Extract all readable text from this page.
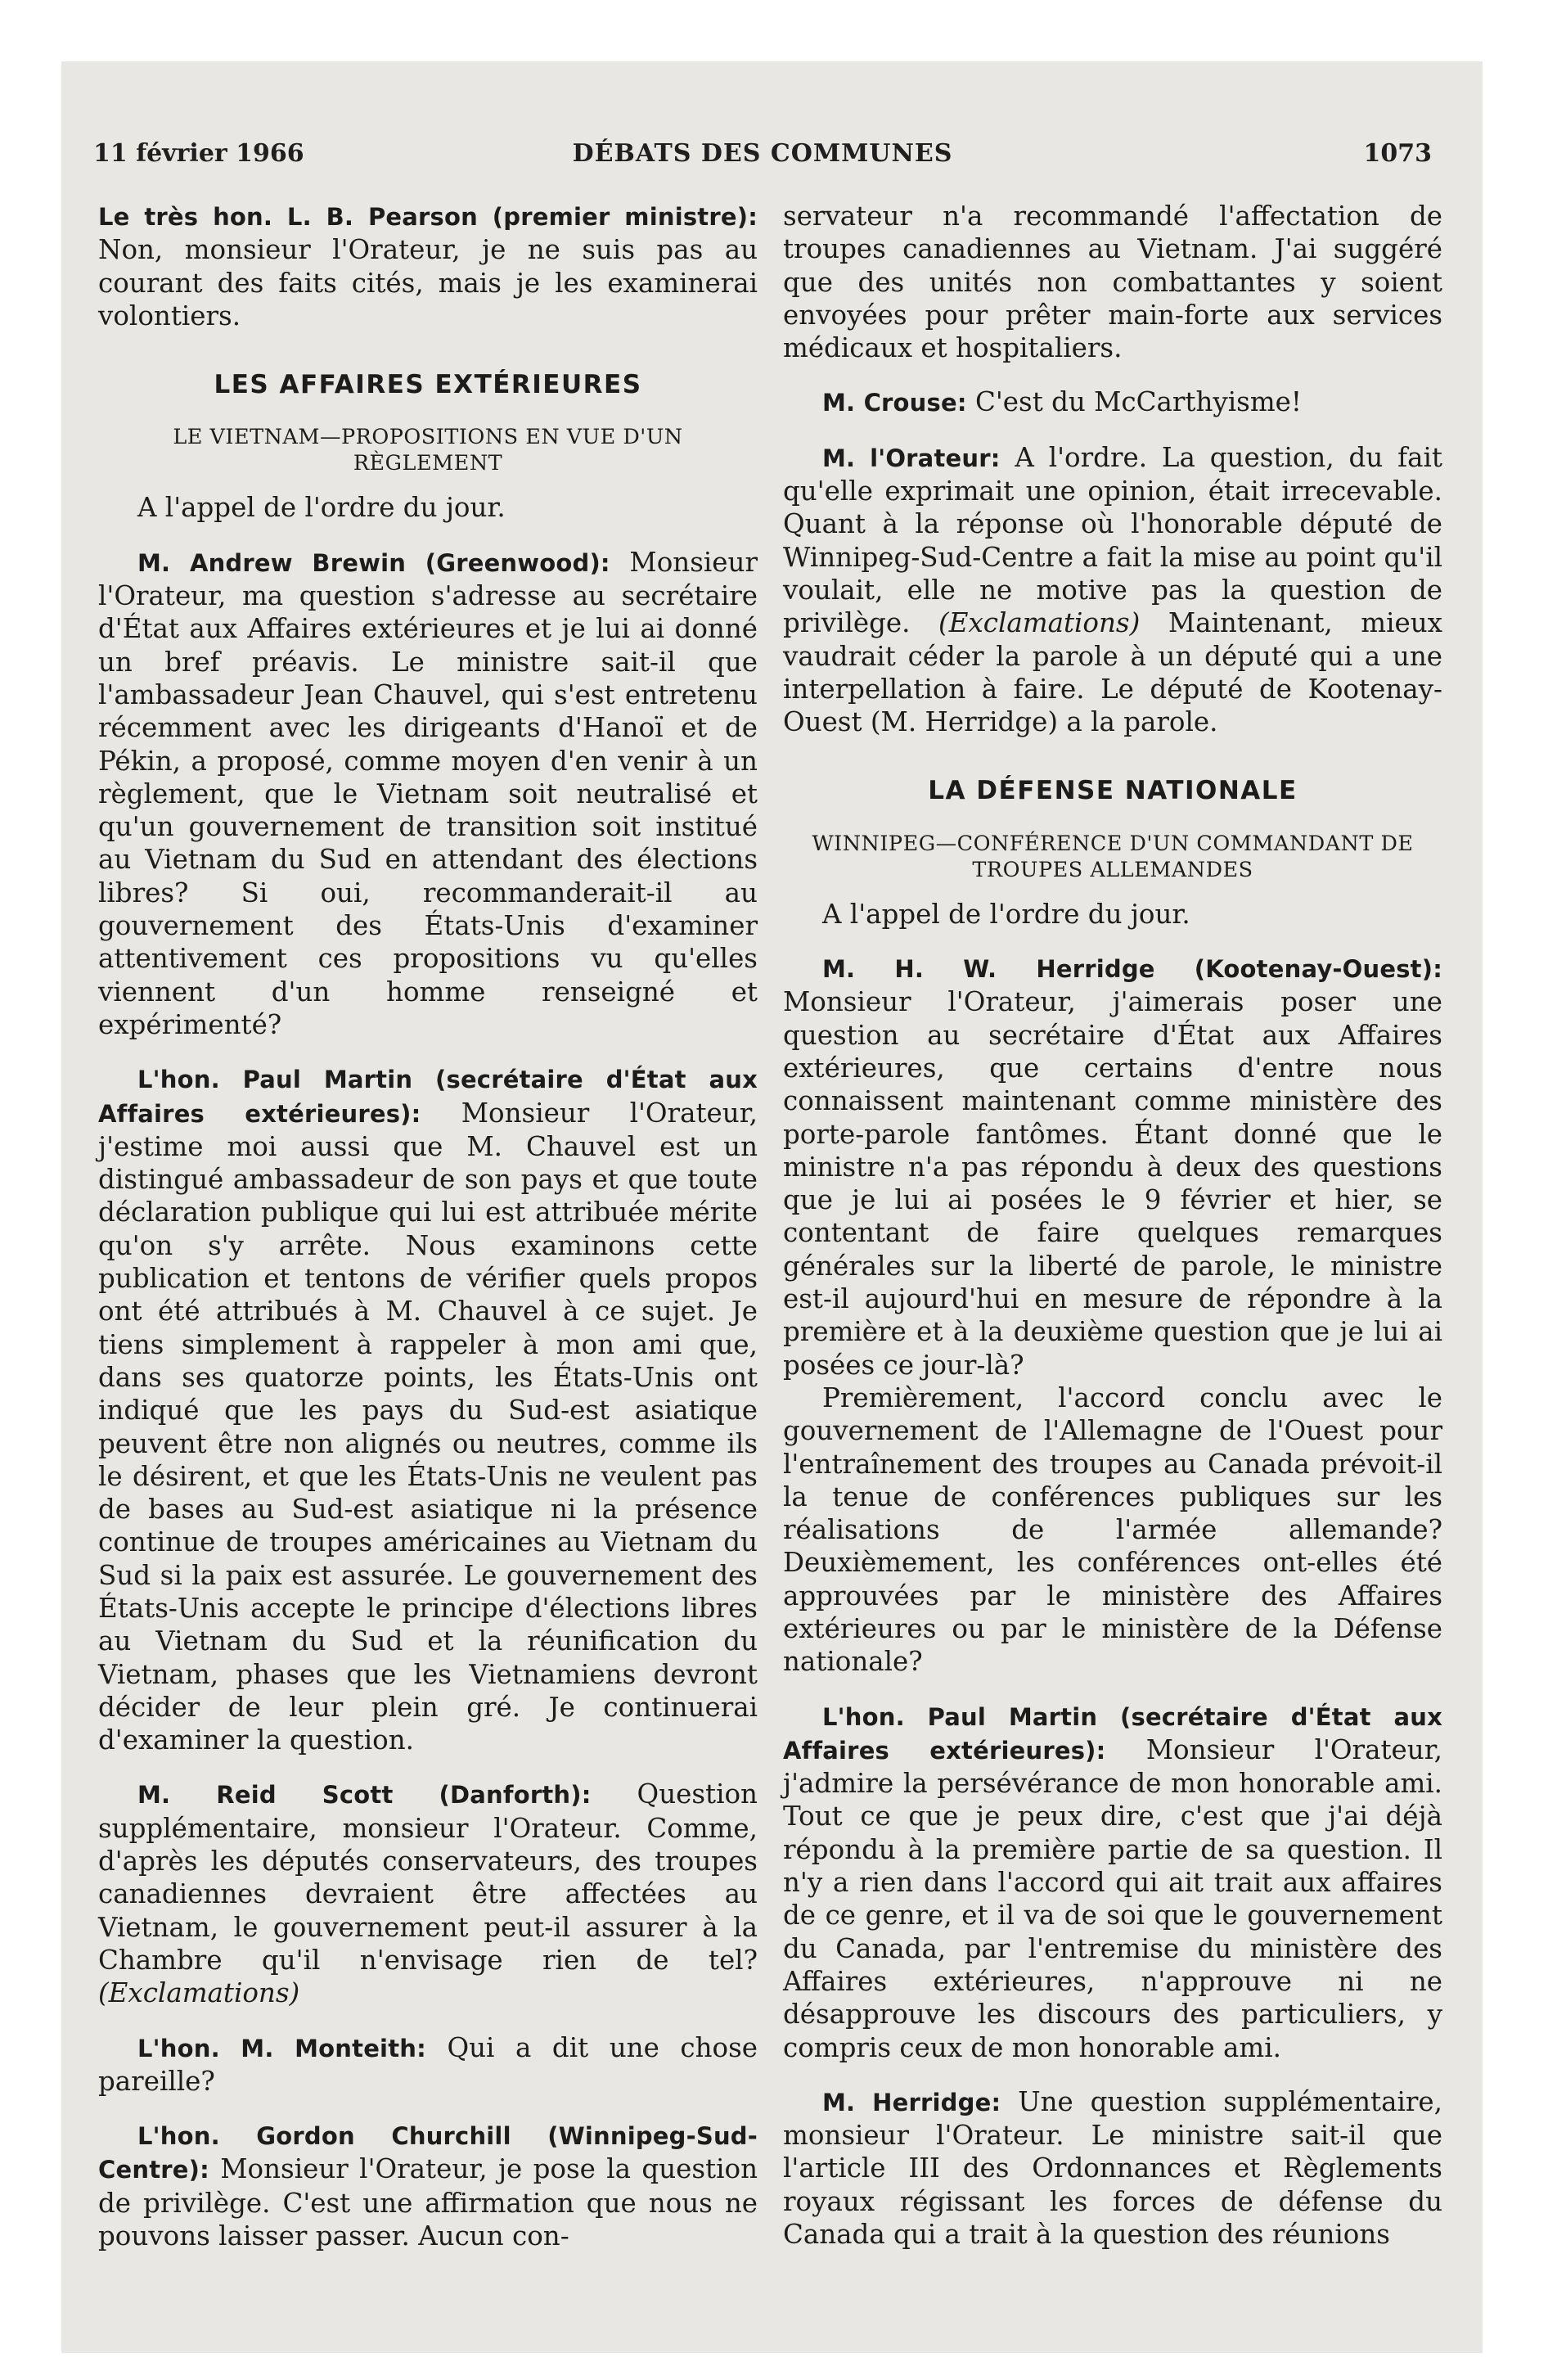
11 février 1966	DÉBATS DES COMMUNES	1073

Le très hon. L. B. Pearson (premier ministre): Non, monsieur l'Orateur, je ne suis pas au courant des faits cités, mais je les examinerai volontiers.

LES AFFAIRES EXTÉRIEURES
LE VIETNAM—PROPOSITIONS EN VUE D'UN RÈGLEMENT

A l'appel de l'ordre du jour.

M. Andrew Brewin (Greenwood): Monsieur l'Orateur, ma question s'adresse au secrétaire d'État aux Affaires extérieures et je lui ai donné un bref préavis. Le ministre sait-il que l'ambassadeur Jean Chauvel, qui s'est entretenu récemment avec les dirigeants d'Hanoï et de Pékin, a proposé, comme moyen d'en venir à un règlement, que le Vietnam soit neutralisé et qu'un gouvernement de transition soit institué au Vietnam du Sud en attendant des élections libres? Si oui, recommanderait-il au gouvernement des États-Unis d'examiner attentivement ces propositions vu qu'elles viennent d'un homme renseigné et expérimenté?

L'hon. Paul Martin (secrétaire d'État aux Affaires extérieures): Monsieur l'Orateur, j'estime moi aussi que M. Chauvel est un distingué ambassadeur de son pays et que toute déclaration publique qui lui est attribuée mérite qu'on s'y arrête. Nous examinons cette publication et tentons de vérifier quels propos ont été attribués à M. Chauvel à ce sujet. Je tiens simplement à rappeler à mon ami que, dans ses quatorze points, les États-Unis ont indiqué que les pays du Sud-est asiatique peuvent être non alignés ou neutres, comme ils le désirent, et que les États-Unis ne veulent pas de bases au Sud-est asiatique ni la présence continue de troupes américaines au Vietnam du Sud si la paix est assurée. Le gouvernement des États-Unis accepte le principe d'élections libres au Vietnam du Sud et la réunification du Vietnam, phases que les Vietnamiens devront décider de leur plein gré. Je continuerai d'examiner la question.

M. Reid Scott (Danforth): Question supplémentaire, monsieur l'Orateur. Comme, d'après les députés conservateurs, des troupes canadiennes devraient être affectées au Vietnam, le gouvernement peut-il assurer à la Chambre qu'il n'envisage rien de tel? (Exclamations)

L'hon. M. Monteith: Qui a dit une chose pareille?

L'hon. Gordon Churchill (Winnipeg-Sud-Centre): Monsieur l'Orateur, je pose la question de privilège. C'est une affirmation que nous ne pouvons laisser passer. Aucun con-

servateur n'a recommandé l'affectation de troupes canadiennes au Vietnam. J'ai suggéré que des unités non combattantes y soient envoyées pour prêter main-forte aux services médicaux et hospitaliers.

M. Crouse: C'est du McCarthyisme!

M. l'Orateur: A l'ordre. La question, du fait qu'elle exprimait une opinion, était irrecevable. Quant à la réponse où l'honorable député de Winnipeg-Sud-Centre a fait la mise au point qu'il voulait, elle ne motive pas la question de privilège. (Exclamations) Maintenant, mieux vaudrait céder la parole à un député qui a une interpellation à faire. Le député de Kootenay-Ouest (M. Herridge) a la parole.

LA DÉFENSE NATIONALE
WINNIPEG—CONFÉRENCE D'UN COMMANDANT DE TROUPES ALLEMANDES

A l'appel de l'ordre du jour.

M. H. W. Herridge (Kootenay-Ouest): Monsieur l'Orateur, j'aimerais poser une question au secrétaire d'État aux Affaires extérieures, que certains d'entre nous connaissent maintenant comme ministère des porte-parole fantômes. Étant donné que le ministre n'a pas répondu à deux des questions que je lui ai posées le 9 février et hier, se contentant de faire quelques remarques générales sur la liberté de parole, le ministre est-il aujourd'hui en mesure de répondre à la première et à la deuxième question que je lui ai posées ce jour-là?

Premièrement, l'accord conclu avec le gouvernement de l'Allemagne de l'Ouest pour l'entraînement des troupes au Canada prévoit-il la tenue de conférences publiques sur les réalisations de l'armée allemande? Deuxièmement, les conférences ont-elles été approuvées par le ministère des Affaires extérieures ou par le ministère de la Défense nationale?

L'hon. Paul Martin (secrétaire d'État aux Affaires extérieures): Monsieur l'Orateur, j'admire la persévérance de mon honorable ami. Tout ce que je peux dire, c'est que j'ai déjà répondu à la première partie de sa question. Il n'y a rien dans l'accord qui ait trait aux affaires de ce genre, et il va de soi que le gouvernement du Canada, par l'entremise du ministère des Affaires extérieures, n'approuve ni ne désapprouve les discours des particuliers, y compris ceux de mon honorable ami.

M. Herridge: Une question supplémentaire, monsieur l'Orateur. Le ministre sait-il que l'article III des Ordonnances et Règlements royaux régissant les forces de défense du Canada qui a trait à la question des réunions
